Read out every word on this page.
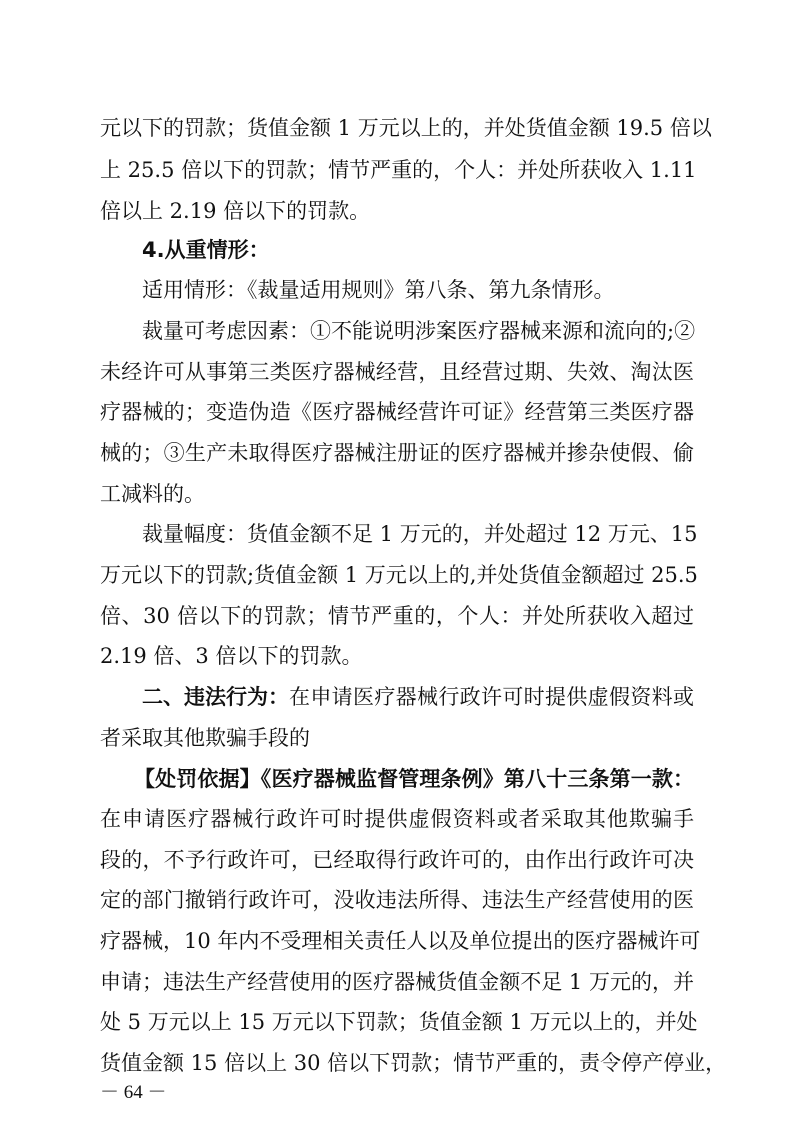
元以下的罚款；货值金额 1 万元以上的，并处货值金额 19.5 倍以
上 25.5 倍以下的罚款；情节严重的，个人：并处所获收入 1.11
倍以上 2.19 倍以下的罚款。
4.从重情形：
适用情形：《裁量适用规则》第八条、第九条情形。
裁量可考虑因素：①不能说明涉案医疗器械来源和流向的;②
未经许可从事第三类医疗器械经营，且经营过期、失效、淘汰医
疗器械的；变造伪造《医疗器械经营许可证》经营第三类医疗器
械的；③生产未取得医疗器械注册证的医疗器械并掺杂使假、偷
工减料的。
裁量幅度：货值金额不足 1 万元的，并处超过 12 万元、15
万元以下的罚款;货值金额 1 万元以上的,并处货值金额超过 25.5
倍、30 倍以下的罚款；情节严重的，个人：并处所获收入超过
2.19 倍、3 倍以下的罚款。
二、违法行为： 在申请医疗器械行政许可时提供虚假资料或
者采取其他欺骗手段的
【处罚依据】《医疗器械监督管理条例》第八十三条第一款：
在申请医疗器械行政许可时提供虚假资料或者采取其他欺骗手
段的，不予行政许可，已经取得行政许可的，由作出行政许可决
定的部门撤销行政许可，没收违法所得、违法生产经营使用的医
疗器械，10 年内不受理相关责任人以及单位提出的医疗器械许可
申请；违法生产经营使用的医疗器械货值金额不足 1 万元的，并
处 5 万元以上 15 万元以下罚款；货值金额 1 万元以上的，并处
货值金额 15 倍以上 30 倍以下罚款；情节严重的，责令停产停业，
－ 64 －
